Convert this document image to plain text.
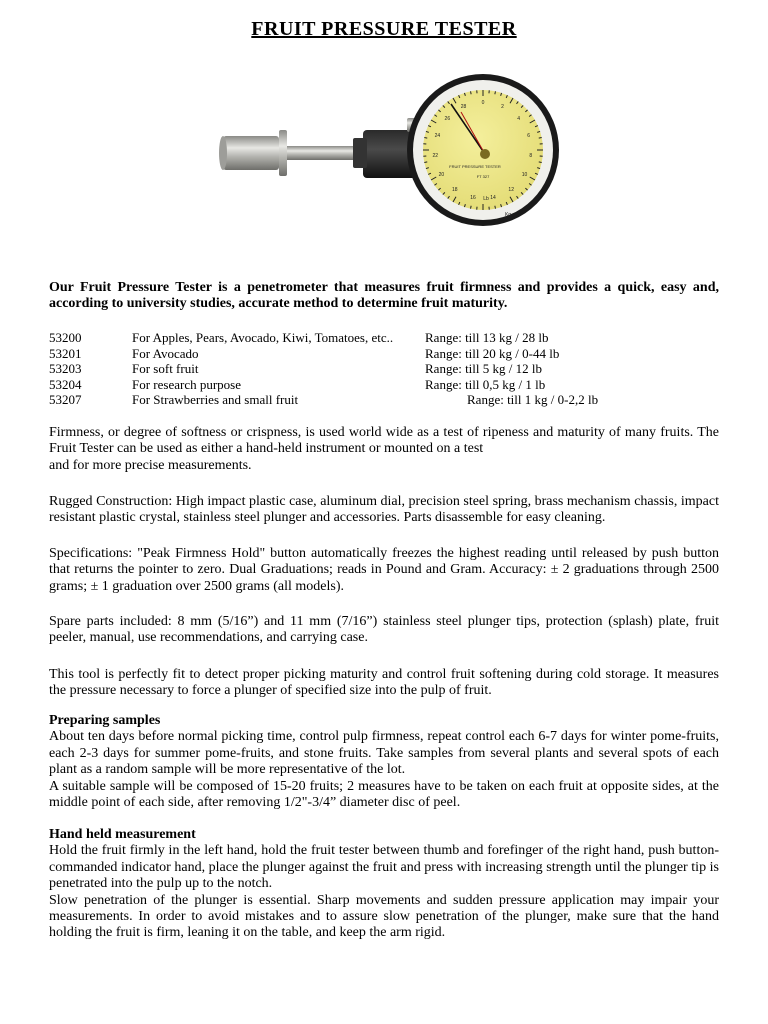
FRUIT PRESSURE TESTER
0
2
4
6
8
10
12
14
16
18
20
22
24
26
28
FRUIT PRESSURE TESTER
FT 327
Lb
Kg

Our Fruit Pressure Tester is a penetrometer that measures fruit firmness and provides a quick, easy and, according to university studies, accurate method to determine fruit maturity.

53200	For Apples, Pears, Avocado, Kiwi, Tomatoes, etc.. Range: till 13 kg / 28 lb
53201	For Avocado	Range: till 20 kg / 0-44 lb
53203	For soft fruit	Range: till 5 kg / 12 lb
53204	For research purpose	Range: till 0,5 kg / 1 lb
53207	For Strawberries and small fruit	Range: till 1 kg / 0-2,2 lb

Firmness, or degree of softness or crispness, is used world wide as a test of ripeness and maturity of many fruits. The Fruit Tester can be used as either a hand-held instrument or mounted on a test

and for more precise measurements.

Rugged Construction: High impact plastic case, aluminum dial, precision steel spring, brass mechanism chassis, impact resistant plastic crystal, stainless steel plunger and accessories. Parts disassemble for easy cleaning.

Specifications: "Peak Firmness Hold" button automatically freezes the highest reading until released by push button that returns the pointer to zero. Dual Graduations; reads in Pound and Gram. Accuracy: ± 2 graduations through 2500 grams; ± 1 graduation over 2500 grams (all models).

Spare parts included: 8 mm (5/16”) and 11 mm (7/16”) stainless steel plunger tips, protection (splash) plate, fruit peeler, manual, use recommendations, and carrying case.

This tool is perfectly fit to detect proper picking maturity and control fruit softening during cold storage. It measures the pressure necessary to force a plunger of specified size into the pulp of fruit.

Preparing samples

About ten days before normal picking time, control pulp firmness, repeat control each 6-7 days for winter pome-fruits, each 2-3 days for summer pome-fruits, and stone fruits. Take samples from several plants and several spots of each plant as a random sample will be more representative of the lot.

A suitable sample will be composed of 15-20 fruits; 2 measures have to be taken on each fruit at opposite sides, at the middle point of each side, after removing 1/2"-3/4” diameter disc of peel.

Hand held measurement

Hold the fruit firmly in the left hand, hold the fruit tester between thumb and forefinger of the right hand, push button-commanded indicator hand, place the plunger against the fruit and press with increasing strength until the plunger tip is penetrated into the pulp up to the notch.

Slow penetration of the plunger is essential. Sharp movements and sudden pressure application may impair your measurements. In order to avoid mistakes and to assure slow penetration of the plunger, make sure that the hand holding the fruit is firm, leaning it on the table, and keep the arm rigid.
